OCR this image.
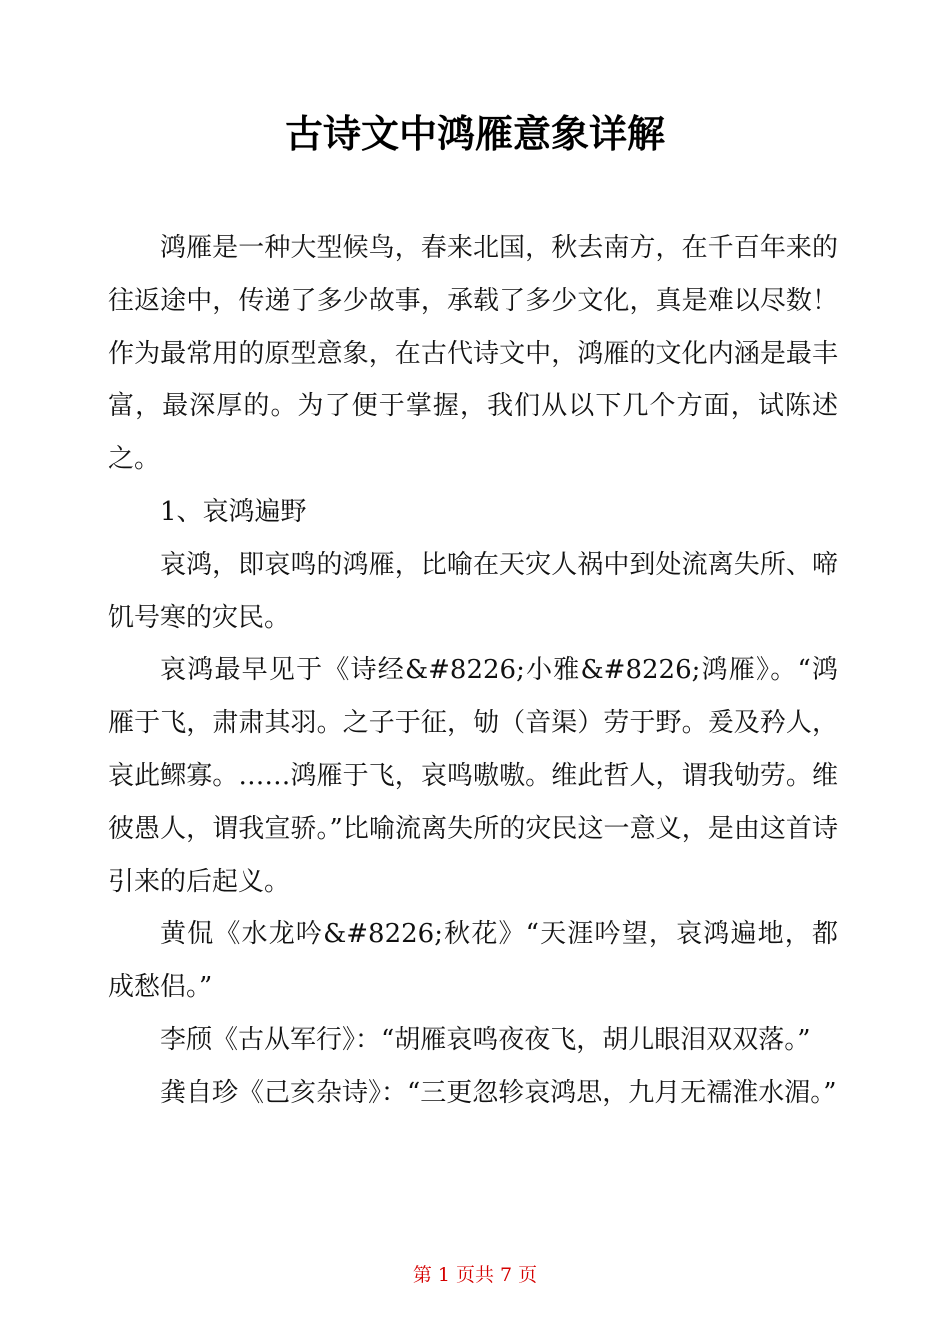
古诗文中鸿雁意象详解

鸿雁是一种大型候鸟，春来北国，秋去南方，在千百年来的往返途中，传递了多少故事，承载了多少文化，真是难以尽数！作为最常用的原型意象，在古代诗文中，鸿雁的文化内涵是最丰富，最深厚的。为了便于掌握，我们从以下几个方面，试陈述之。

1、哀鸿遍野

哀鸿，即哀鸣的鸿雁，比喻在天灾人祸中到处流离失所、啼饥号寒的灾民。

哀鸿最早见于《诗经&#8226;小雅&#8226;鸿雁》。“鸿雁于飞，肃肃其羽。之子于征，劬（音渠）劳于野。爰及矜人，哀此鳏寡。……鸿雁于飞，哀鸣嗷嗷。维此哲人，谓我劬劳。维彼愚人，谓我宣骄。”比喻流离失所的灾民这一意义，是由这首诗引来的后起义。

黄侃《水龙吟&#8226;秋花》“天涯吟望，哀鸿遍地，都成愁侣。”

李颀《古从军行》：“胡雁哀鸣夜夜飞，胡儿眼泪双双落。”

龚自珍《己亥杂诗》：“三更忽轸哀鸿思，九月无襦淮水湄。”

第 1 页共 7 页
